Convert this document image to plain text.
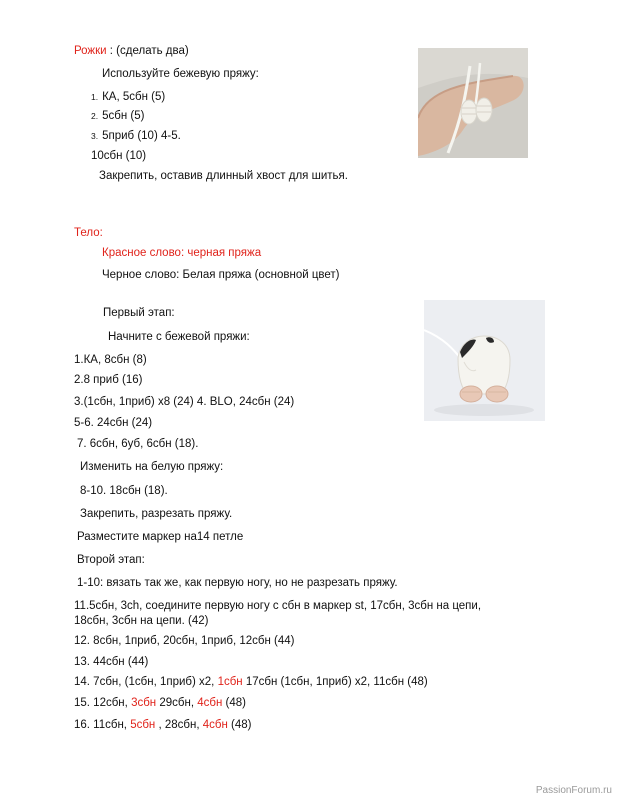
Рожки : (сделать два)
Используйте бежевую пряжу:
1. КА, 5сбн (5)
2. 5сбн (5)
3. 5приб (10) 4-5.
10сбн (10)
Закрепить, оставив длинный хвост для шитья.
Тело:
Красное слово: черная пряжа
Черное слово: Белая пряжа (основной цвет)
Первый этап:
Начните с бежевой пряжи:
1.КА, 8сбн (8)
2.8 приб (16)
3.(1сбн, 1приб) х8 (24) 4. BLO, 24сбн (24)
5-6. 24сбн (24)
7. 6сбн, 6уб, 6сбн (18).
Изменить на белую пряжу:
8-10. 18сбн (18).
Закрепить, разрезать пряжу.
Разместите маркер на14 петле
Второй этап:
1-10: вязать так же, как первую ногу, но не разрезать пряжу.
11.5сбн, 3ch, соедините первую ногу с сбн в маркер st, 17сбн, 3сбн на цепи,
18сбн, 3сбн на цепи. (42)
12. 8сбн, 1приб, 20сбн, 1приб, 12сбн (44)
13. 44сбн (44)
14. 7сбн, (1сбн, 1приб) х2, 1сбн 17сбн (1сбн, 1приб) х2, 11сбн (48)
15. 12сбн, 3сбн 29сбн, 4сбн (48)
16. 11сбн, 5сбн , 28сбн, 4сбн (48)
PassionForum.ru
